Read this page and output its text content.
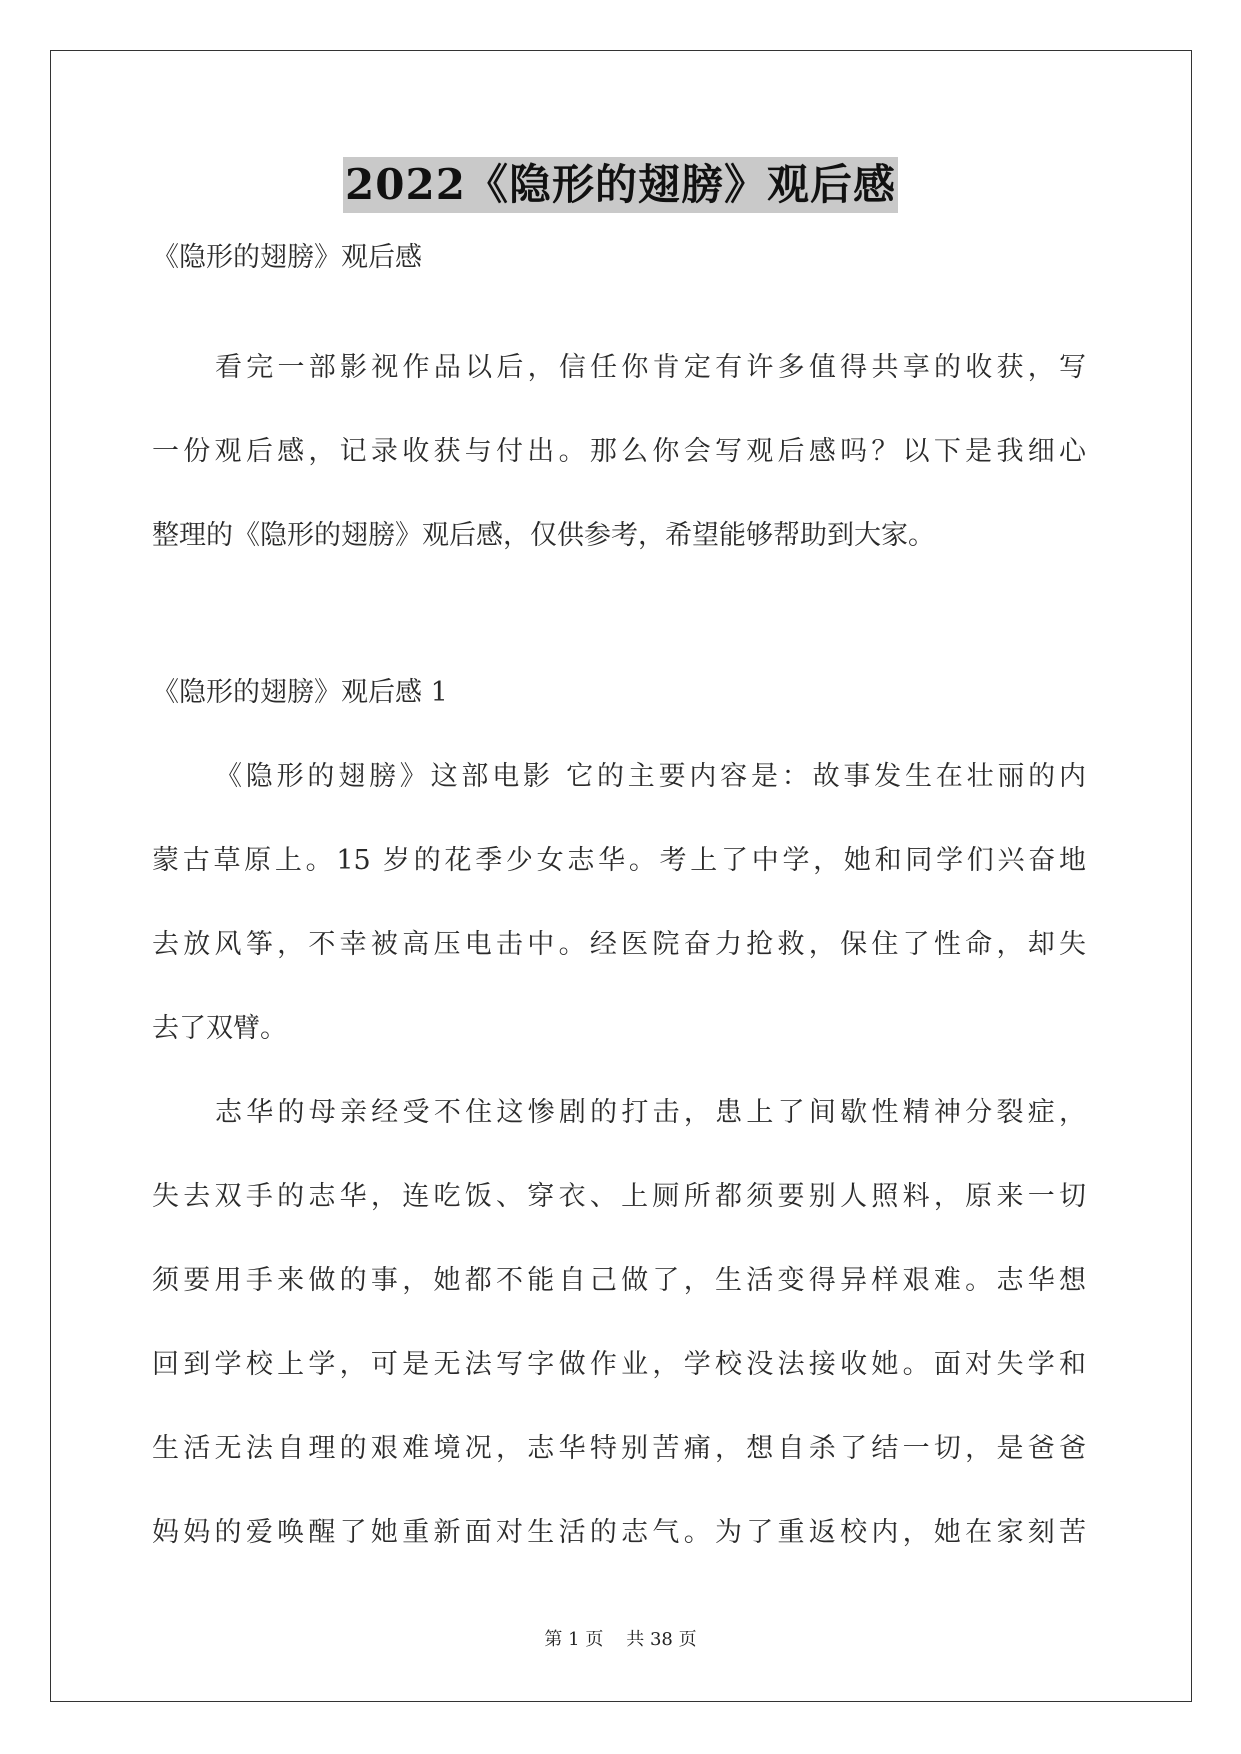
2022《隐形的翅膀》观后感
《隐形的翅膀》观后感
看完一部影视作品以后，信任你肯定有许多值得共享的收获，写
一份观后感，记录收获与付出。那么你会写观后感吗？以下是我细心
整理的《隐形的翅膀》观后感，仅供参考，希望能够帮助到大家。
《隐形的翅膀》观后感 1
《隐形的翅膀》这部电影 它的主要内容是：故事发生在壮丽的内
蒙古草原上。15 岁的花季少女志华。考上了中学，她和同学们兴奋地
去放风筝，不幸被高压电击中。经医院奋力抢救，保住了性命，却失
去了双臂。
志华的母亲经受不住这惨剧的打击，患上了间歇性精神分裂症，
失去双手的志华，连吃饭、穿衣、上厕所都须要别人照料，原来一切
须要用手来做的事，她都不能自己做了，生活变得异样艰难。志华想
回到学校上学，可是无法写字做作业，学校没法接收她。面对失学和
生活无法自理的艰难境况，志华特别苦痛，想自杀了结一切，是爸爸
妈妈的爱唤醒了她重新面对生活的志气。为了重返校内，她在家刻苦
第 1 页 共 38 页
